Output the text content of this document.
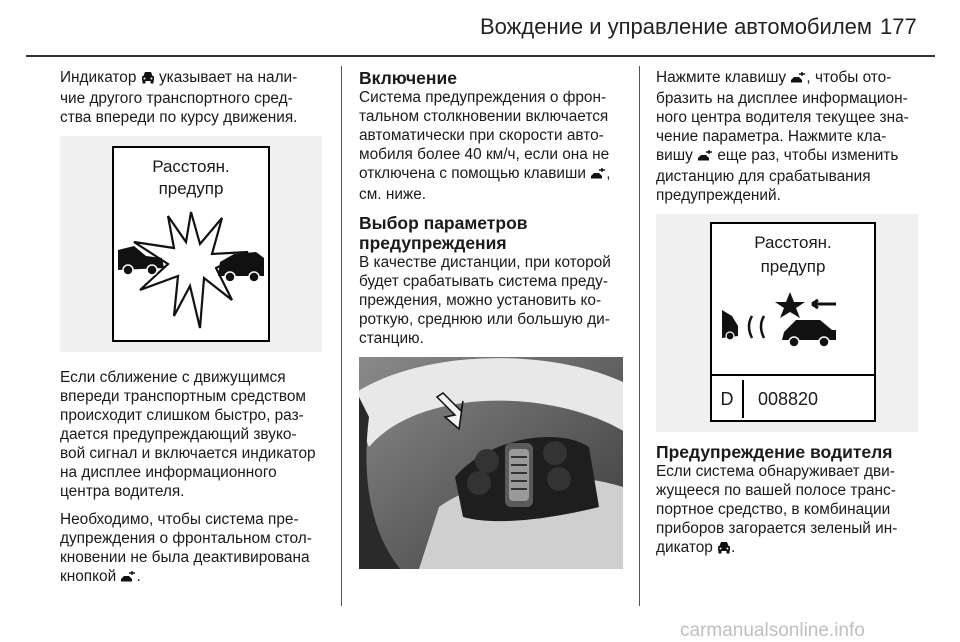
Вождение и управление автомобилем 177

Индикатор  указывает на нали-
чие другого транспортного сред-
ства впереди по курсу движения.

Расстоян.
предупр

Если сближение с движущимся
впереди транспортным средством
происходит слишком быстро, раз-
дается предупреждающий звуко-
вой сигнал и включается индикатор
на дисплее информационного
центра водителя.

Необходимо, чтобы система пре-
дупреждения о фронтальном стол-
кновении не была деактивирована
кнопкой .

Включение

Система предупреждения о фрон-
тальном столкновении включается
автоматически при скорости авто-
мобиля более 40 км/ч, если она не
отключена с помощью клавиши ,
см. ниже.

Выбор параметров
предупреждения

В качестве дистанции, при которой
будет срабатывать система преду-
преждения, можно установить ко-
роткую, среднюю или большую ди-
станцию.

Нажмите клавишу , чтобы ото-
бразить на дисплее информацион-
ного центра водителя текущее зна-
чение параметра. Нажмите кла-
вишу  еще раз, чтобы изменить
дистанцию для срабатывания
предупреждений.

Расстоян.
предупр
D	008820
Предупреждение водителя

Если система обнаруживает дви-
жущееся по вашей полосе транс-
портное средство, в комбинации
приборов загорается зеленый ин-
дикатор .

carmanualsonline.info
